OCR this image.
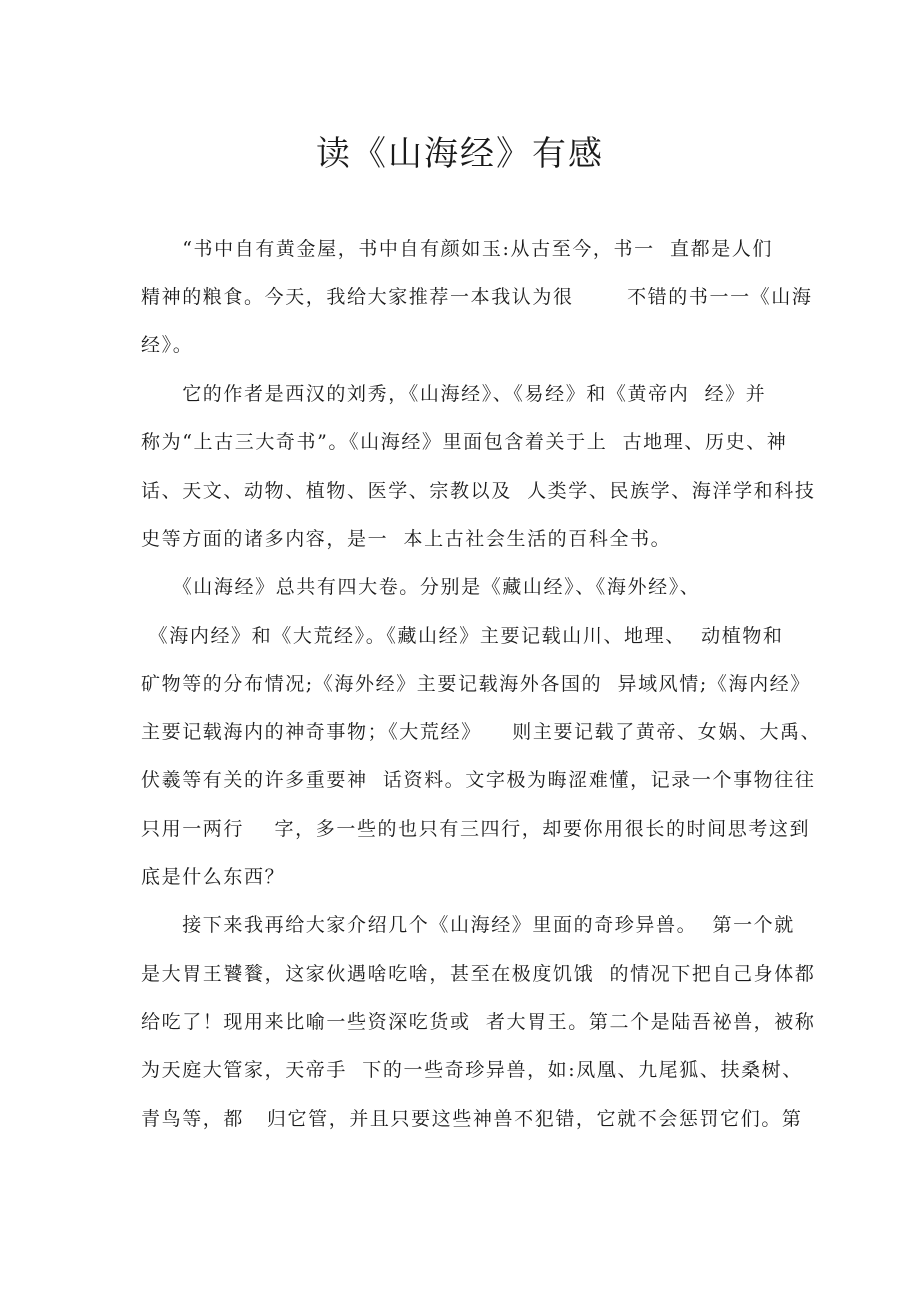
读《山海经》有感
　　“书中自有黄金屋，书中自有颜如玉:从古至今，书一  直都是人们
精神的粮食。今天，我给大家推荐一本我认为很       不错的书一一《山海
经》。
　　它的作者是西汉的刘秀，《山海经》、《易经》和《黄帝内  经》并
称为“上古三大奇书”。《山海经》里面包含着关于上  古地理、历史、神
话、天文、动物、植物、医学、宗教以及  人类学、民族学、海洋学和科技
史等方面的诸多内容，是一  本上古社会生活的百科全书。
　　《山海经》总共有四大卷。分别是《藏山经》、《海外经》、
《海内经》和《大荒经》。《藏山经》主要记载山川、地理、  动植物和
矿物等的分布情况;《海外经》主要记载海外各国的  异域风情;《海内经》
主要记载海内的神奇事物；《大荒经》    则主要记载了黄帝、女娲、大禹、
伏羲等有关的许多重要神  话资料。文字极为晦涩难懂，记录一个事物往往
只用一两行    字，多一些的也只有三四行，却要你用很长的时间思考这到
底是什么东西？
　　接下来我再给大家介绍几个《山海经》里面的奇珍异兽。  第一个就
是大胃王饕餮，这家伙遇啥吃啥，甚至在极度饥饿  的情况下把自己身体都
给吃了！现用来比喻一些资深吃货或  者大胃王。第二个是陆吾祕兽，被称
为天庭大管家，天帝手  下的一些奇珍异兽，如:凤凰、九尾狐、扶桑树、
青鸟等，都   归它管，并且只要这些神兽不犯错，它就不会惩罚它们。第
